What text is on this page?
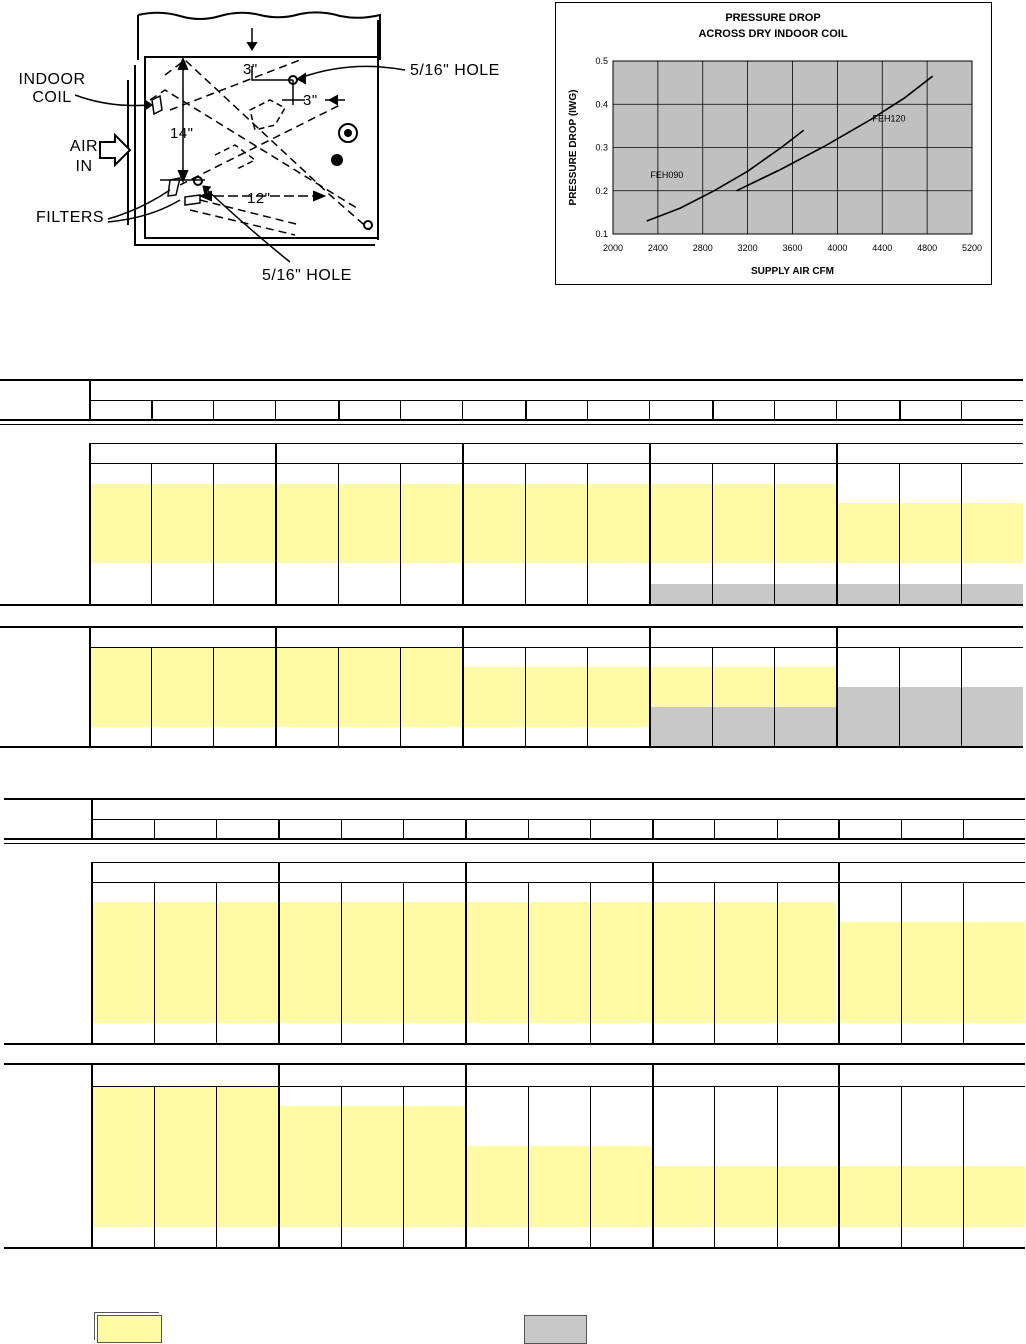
INDOOR
COIL
AIR
IN
FILTERS
5/16" HOLE
5/16" HOLE
3"
3"
14"
12"
PRESSURE DROP
ACROSS DRY INDOOR COIL
0.1
0.2
0.3
0.4
0.5
2000	2400	2800	3200	3600	4000	4400	4800	5200
SUPPLY AIR CFM
PRESSURE DROP (IWG)	FEH090
FEH120
